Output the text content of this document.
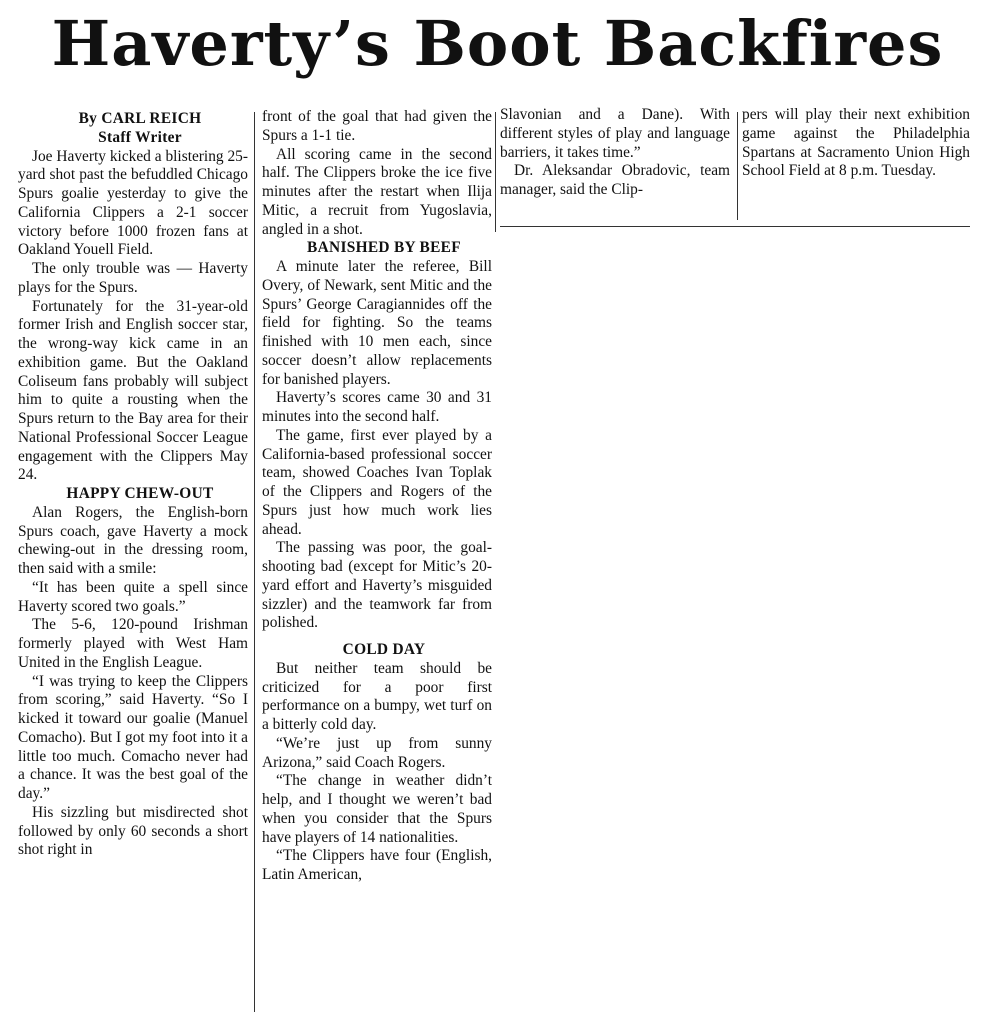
Haverty’s Boot Backfires

By CARL REICH

Staff Writer

Joe Haverty kicked a blistering 25-yard shot past the befuddled Chicago Spurs goalie yesterday to give the California Clippers a 2-1 soccer victory before 1000 frozen fans at Oakland Youell Field.

The only trouble was — Haverty plays for the Spurs.

Fortunately for the 31-year-old former Irish and English soccer star, the wrong-way kick came in an exhibition game. But the Oakland Coliseum fans probably will subject him to quite a rousting when the Spurs return to the Bay area for their National Professional Soccer League engagement with the Clippers May 24.

HAPPY CHEW-OUT

Alan Rogers, the English-born Spurs coach, gave Haverty a mock chewing-out in the dressing room, then said with a smile:

“It has been quite a spell since Haverty scored two goals.”

The 5-6, 120-pound Irishman formerly played with West Ham United in the English League.

“I was trying to keep the Clippers from scoring,” said Haverty. “So I kicked it toward our goalie (Manuel Comacho). But I got my foot into it a little too much. Comacho never had a chance. It was the best goal of the day.”

His sizzling but misdirected shot followed by only 60 seconds a short shot right in

front of the goal that had given the Spurs a 1-1 tie.

All scoring came in the second half. The Clippers broke the ice five minutes after the restart when Ilija Mitic, a recruit from Yugoslavia, angled in a shot.

BANISHED BY BEEF

A minute later the referee, Bill Overy, of Newark, sent Mitic and the Spurs’ George Caragiannides off the field for fighting. So the teams finished with 10 men each, since soccer doesn’t allow replacements for banished players.

Haverty’s scores came 30 and 31 minutes into the second half.

The game, first ever played by a California-based professional soccer team, showed Coaches Ivan Toplak of the Clippers and Rogers of the Spurs just how much work lies ahead.

The passing was poor, the goal-shooting bad (except for Mitic’s 20-yard effort and Haverty’s misguided sizzler) and the teamwork far from polished.

COLD DAY

But neither team should be criticized for a poor first performance on a bumpy, wet turf on a bitterly cold day.

“We’re just up from sunny Arizona,” said Coach Rogers.

“The change in weather didn’t help, and I thought we weren’t bad when you consider that the Spurs have players of 14 nationalities.

“The Clippers have four (English, Latin American,

Slavonian and a Dane). With different styles of play and language barriers, it takes time.”

Dr. Aleksandar Obradovic, team manager, said the Clip-

pers will play their next exhibition game against the Philadelphia Spartans at Sacramento Union High School Field at 8 p.m. Tuesday.
